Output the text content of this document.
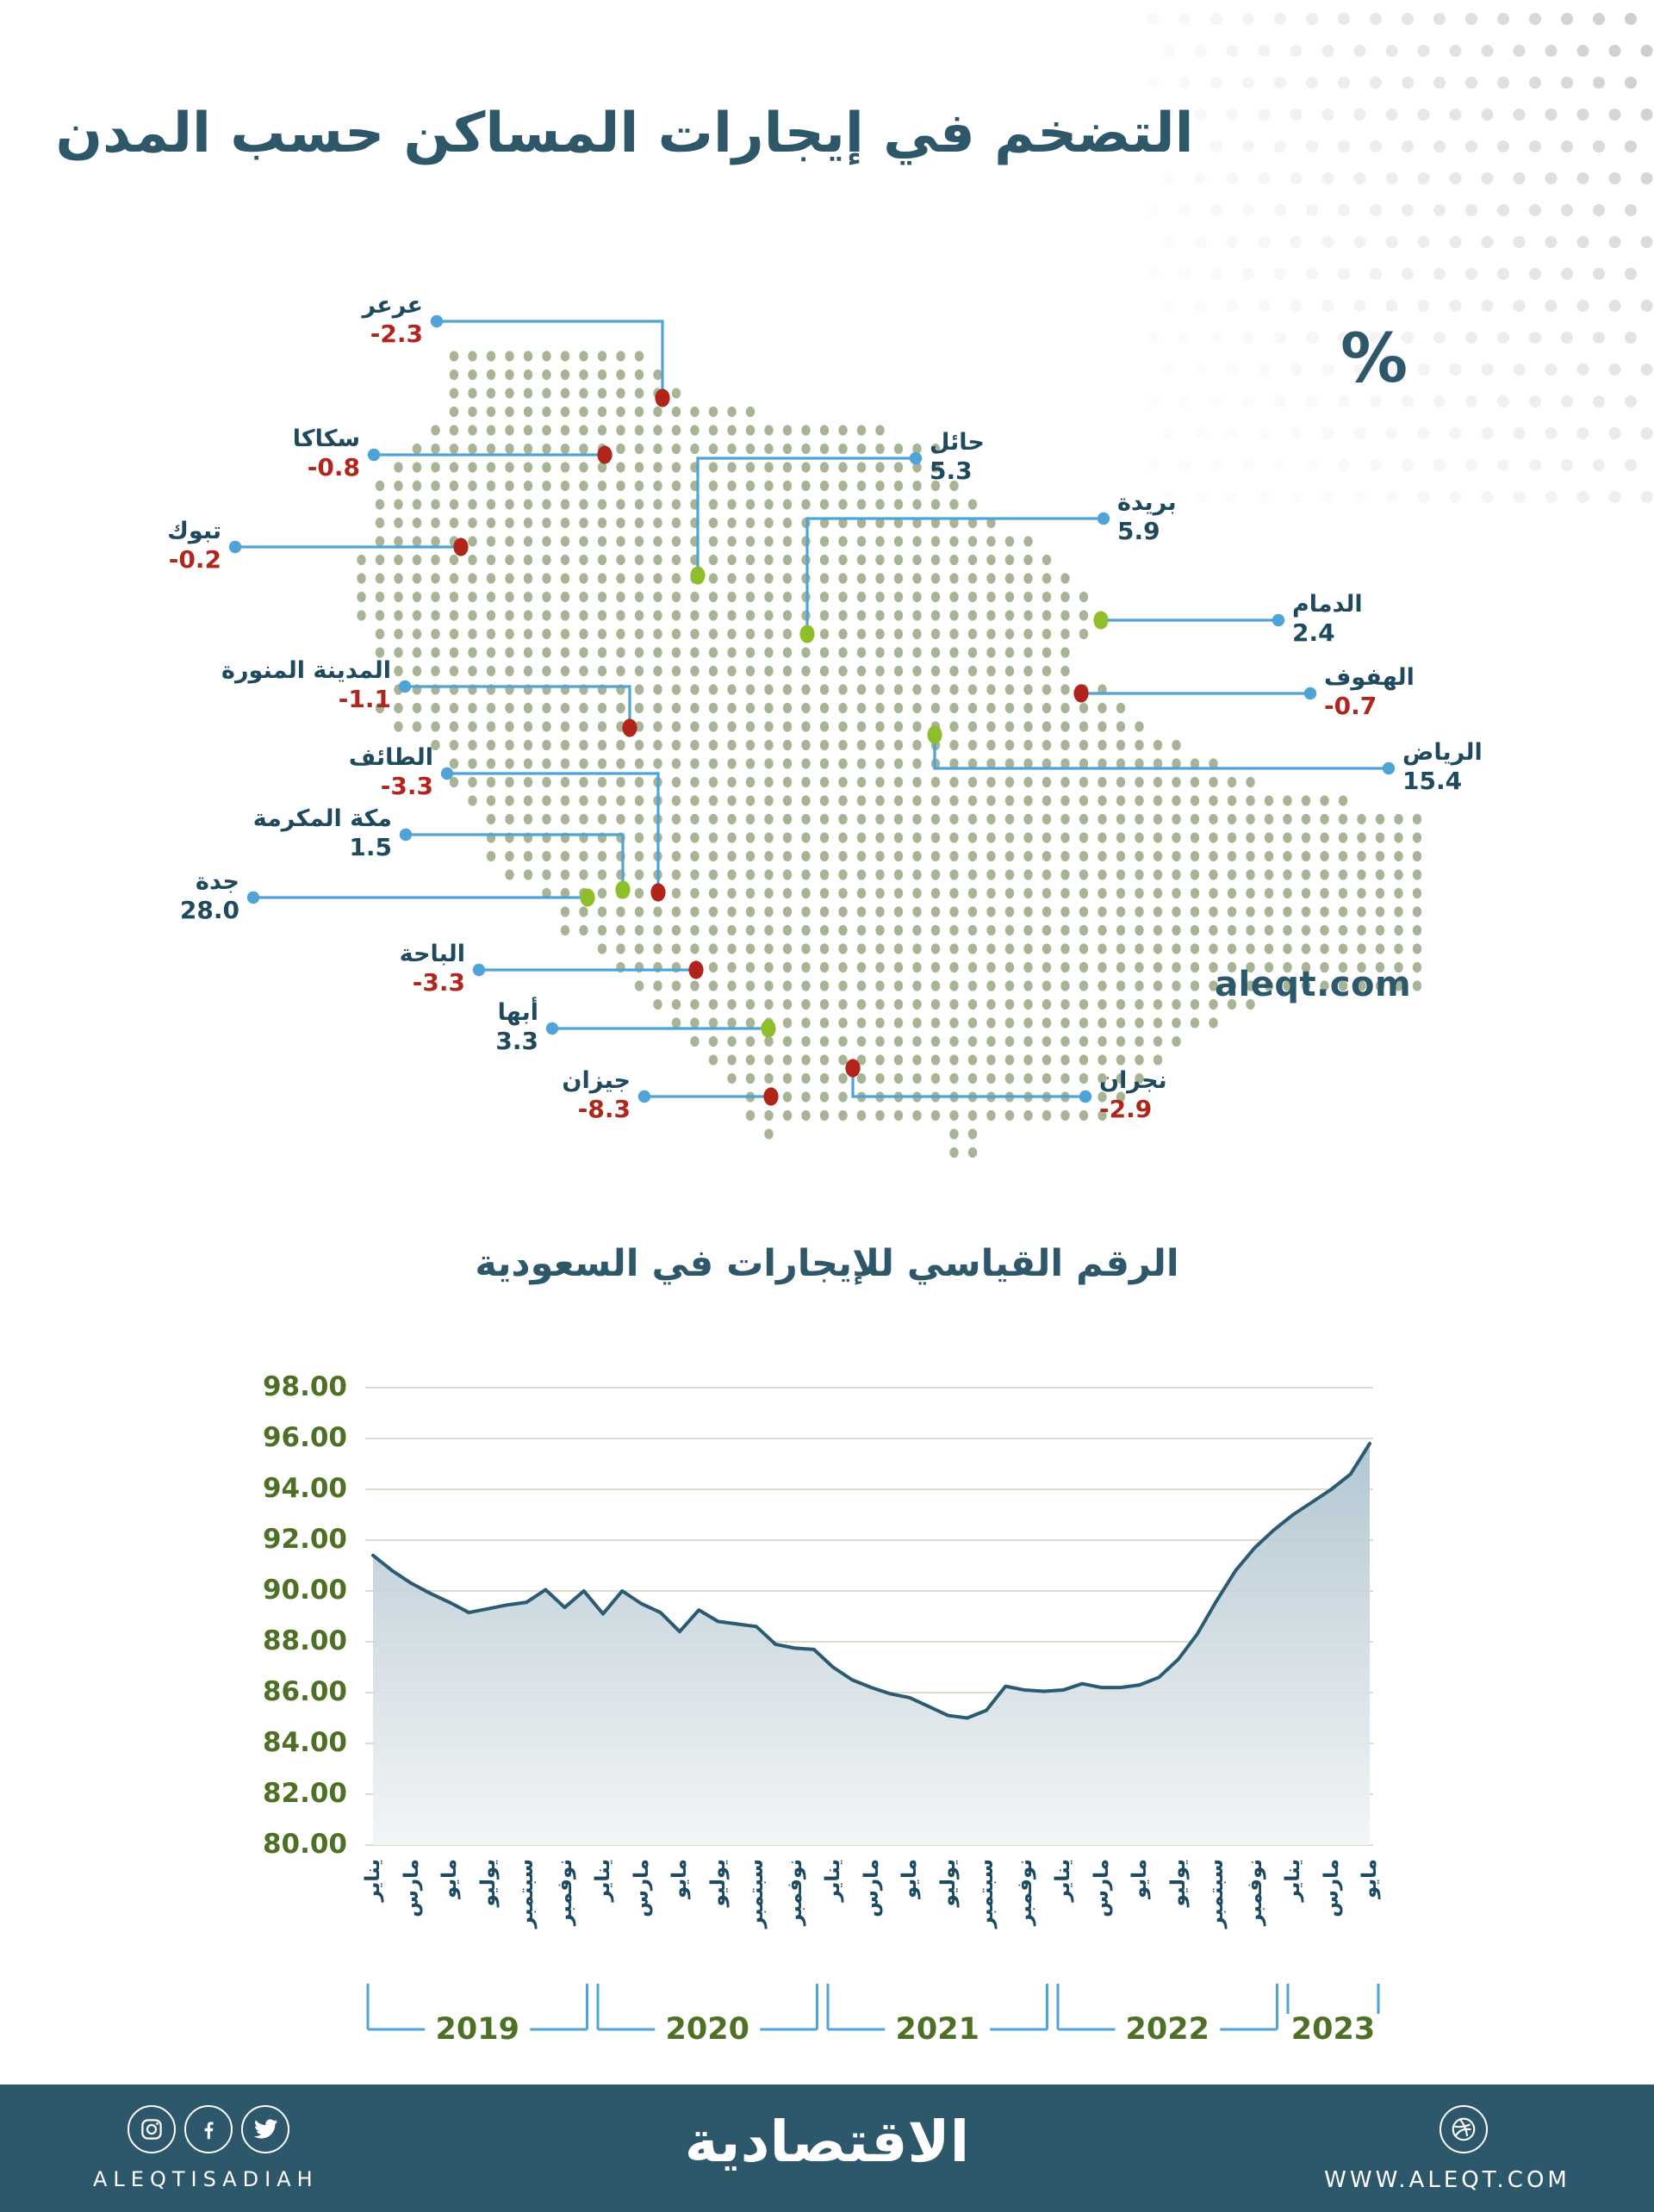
التضخم في إيجارات المساكن حسب المدن
%
aleqt.com
الرقم القياسي للإيجارات في السعودية
عرعر
-2.3
سكاكا
-0.8
تبوك
-0.2
حائل
5.3
بريدة
5.9
الدمام
2.4
الهفوف
-0.7
الرياض
15.4
المدينة المنورة
-1.1
الطائف
-3.3
مكة المكرمة
1.5
جدة
28.0
الباحة
-3.3
أبها
3.3
جيزان
-8.3
نجران
-2.9
2019	2020	2021	2022	2023
98.00
96.00
94.00
92.00
90.00
88.00
86.00
84.00
82.00
80.00
يناير مارس مايو يوليو سبتمبر نوفمبر يناير مارس مايو يوليو سبتمبر نوفمبر يناير مارس مايو يوليو سبتمبر نوفمبر يناير مارس مايو يوليو سبتمبر نوفمبر يناير مارس مايو
ALEQTISADIAH
الاقتصادية
WWW.ALEQT.COM
